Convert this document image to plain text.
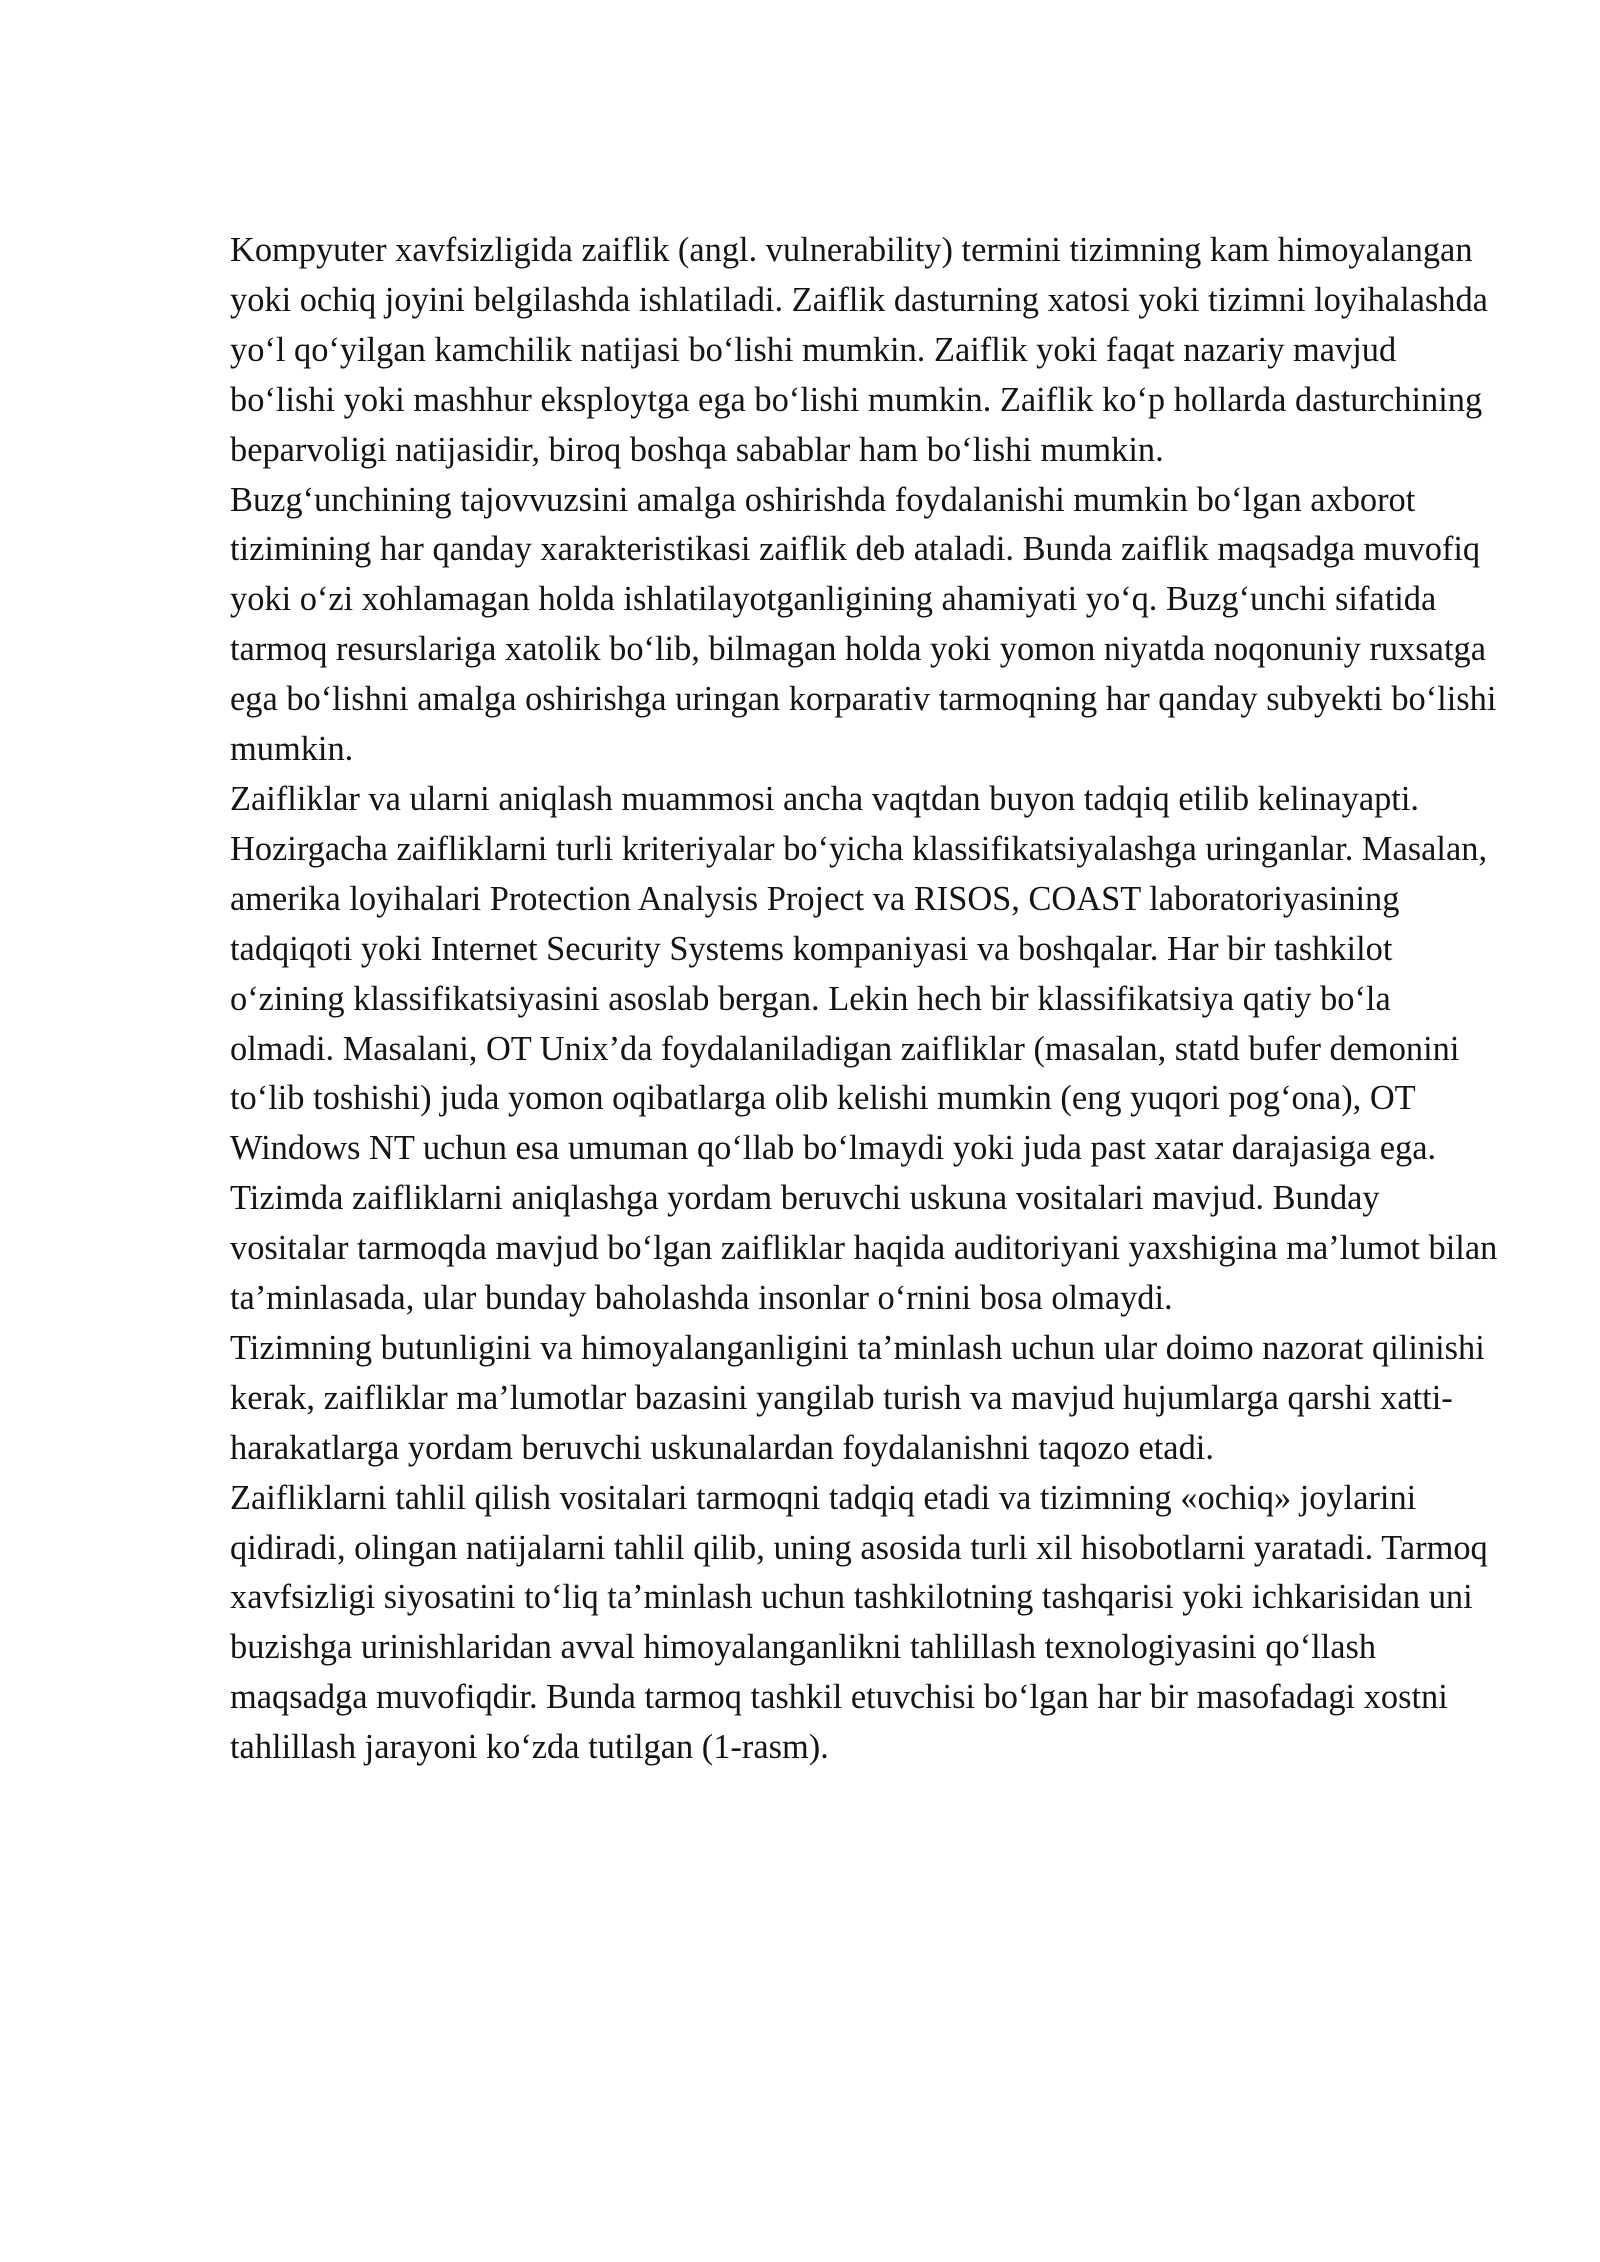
Kompyuter xavfsizligida zaiflik (angl. vulnerability) termini tizimning kam himoyalangan yoki ochiq joyini belgilashda ishlatiladi. Zaiflik dasturning xatosi yoki tizimni loyihalashda yo‘l qo‘yilgan kamchilik natijasi bo‘lishi mumkin. Zaiflik yoki faqat nazariy mavjud bo‘lishi yoki mashhur eksploytga ega bo‘lishi mumkin. Zaiflik ko‘p hollarda dasturchining beparvoligi natijasidir, biroq boshqa sabablar ham bo‘lishi mumkin.

Buzg‘unchining tajovvuzsini amalga oshirishda foydalanishi mumkin bo‘lgan axborot tizimining har qanday xarakteristikasi zaiflik deb ataladi. Bunda zaiflik maqsadga muvofiq yoki o‘zi xohlamagan holda ishlatilayotganligining ahamiyati yo‘q. Buzg‘unchi sifatida tarmoq resurslariga xatolik bo‘lib, bilmagan holda yoki yomon niyatda noqonuniy ruxsatga ega bo‘lishni amalga oshirishga uringan korparativ tarmoqning har qanday subyekti bo‘lishi mumkin.

Zaifliklar va ularni aniqlash muammosi ancha vaqtdan buyon tadqiq etilib kelinayapti. Hozirgacha zaifliklarni turli kriteriyalar bo‘yicha klassifikatsiyalashga uringanlar. Masalan, amerika loyihalari Protection Analysis Project va RISOS, COAST laboratoriyasining tadqiqoti yoki Internet Security Systems kompaniyasi va boshqalar. Har bir tashkilot o‘zining klassifikatsiyasini asoslab bergan. Lekin hech bir klassifikatsiya qatiy bo‘la olmadi. Masalani, OT Unix’da foydalaniladigan zaifliklar (masalan, statd bufer demonini to‘lib toshishi) juda yomon oqibatlarga olib kelishi mumkin (eng yuqori pog‘ona), OT Windows NT uchun esa umuman qo‘llab bo‘lmaydi yoki juda past xatar darajasiga ega.

Tizimda zaifliklarni aniqlashga yordam beruvchi uskuna vositalari mavjud. Bunday vositalar tarmoqda mavjud bo‘lgan zaifliklar haqida auditoriyani yaxshigina ma’lumot bilan ta’minlasada, ular bunday baholashda insonlar o‘rnini bosa olmaydi.

Tizimning butunligini va himoyalanganligini ta’minlash uchun ular doimo nazorat qilinishi kerak, zaifliklar ma’lumotlar bazasini yangilab turish va mavjud hujumlarga qarshi xatti-harakatlarga yordam beruvchi uskunalardan foydalanishni taqozo etadi.

Zaifliklarni tahlil qilish vositalari tarmoqni tadqiq etadi va tizimning «ochiq» joylarini qidiradi, olingan natijalarni tahlil qilib, uning asosida turli xil hisobotlarni yaratadi. Tarmoq xavfsizligi siyosatini to‘liq ta’minlash uchun tashkilotning tashqarisi yoki ichkarisidan uni buzishga urinishlaridan avval himoyalanganlikni tahlillash texnologiyasini qo‘llash maqsadga muvofiqdir. Bunda tarmoq tashkil etuvchisi bo‘lgan har bir masofadagi xostni tahlillash jarayoni ko‘zda tutilgan (1-rasm).
